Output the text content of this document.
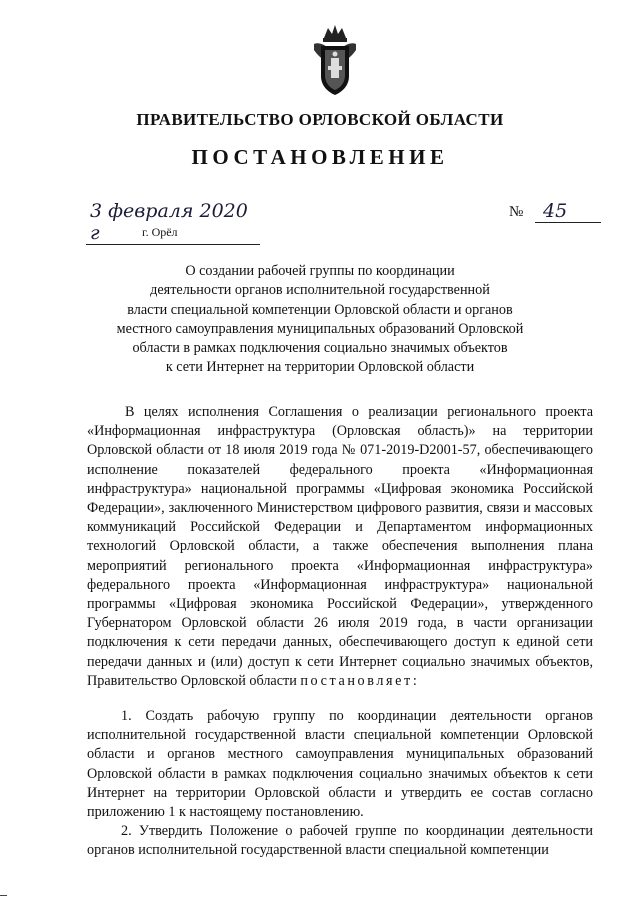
ПРАВИТЕЛЬСТВО ОРЛОВСКОЙ ОБЛАСТИ
ПОСТАНОВЛЕНИЕ
3 февраля 2020 г	г. Орёл
№	45
О создании рабочей группы по координации
деятельности органов исполнительной государственной
власти специальной компетенции Орловской области и органов
местного самоуправления муниципальных образований Орловской
области в рамках подключения социально значимых объектов
к сети Интернет на территории Орловской области

В целях исполнения Соглашения о реализации регионального проекта «Информационная инфраструктура (Орловская область)» на территории Орловской области от 18 июля 2019 года № 071-2019-D2001-57, обеспечивающего исполнение показателей федерального проекта «Информационная инфраструктура» национальной программы «Цифровая экономика Российской Федерации», заключенного Министерством цифрового развития, связи и массовых коммуникаций Российской Федерации и Департаментом информационных технологий Орловской области, а также обеспечения выполнения плана мероприятий регионального проекта «Информационная инфраструктура» федерального проекта «Информационная инфраструктура» национальной программы «Цифровая экономика Российской Федерации», утвержденного Губернатором Орловской области 26 июля 2019 года, в части организации подключения к сети передачи данных, обеспечивающего доступ к единой сети передачи данных и (или) доступ к сети Интернет социально значимых объектов, Правительство Орловской области постановляет:

1. Создать рабочую группу по координации деятельности органов исполнительной государственной власти специальной компетенции Орловской области и органов местного самоуправления муниципальных образований Орловской области в рамках подключения социально значимых объектов к сети Интернет на территории Орловской области и утвердить ее состав согласно приложению 1 к настоящему постановлению.

2. Утвердить Положение о рабочей группе по координации деятельности органов исполнительной государственной власти специальной компетенции
